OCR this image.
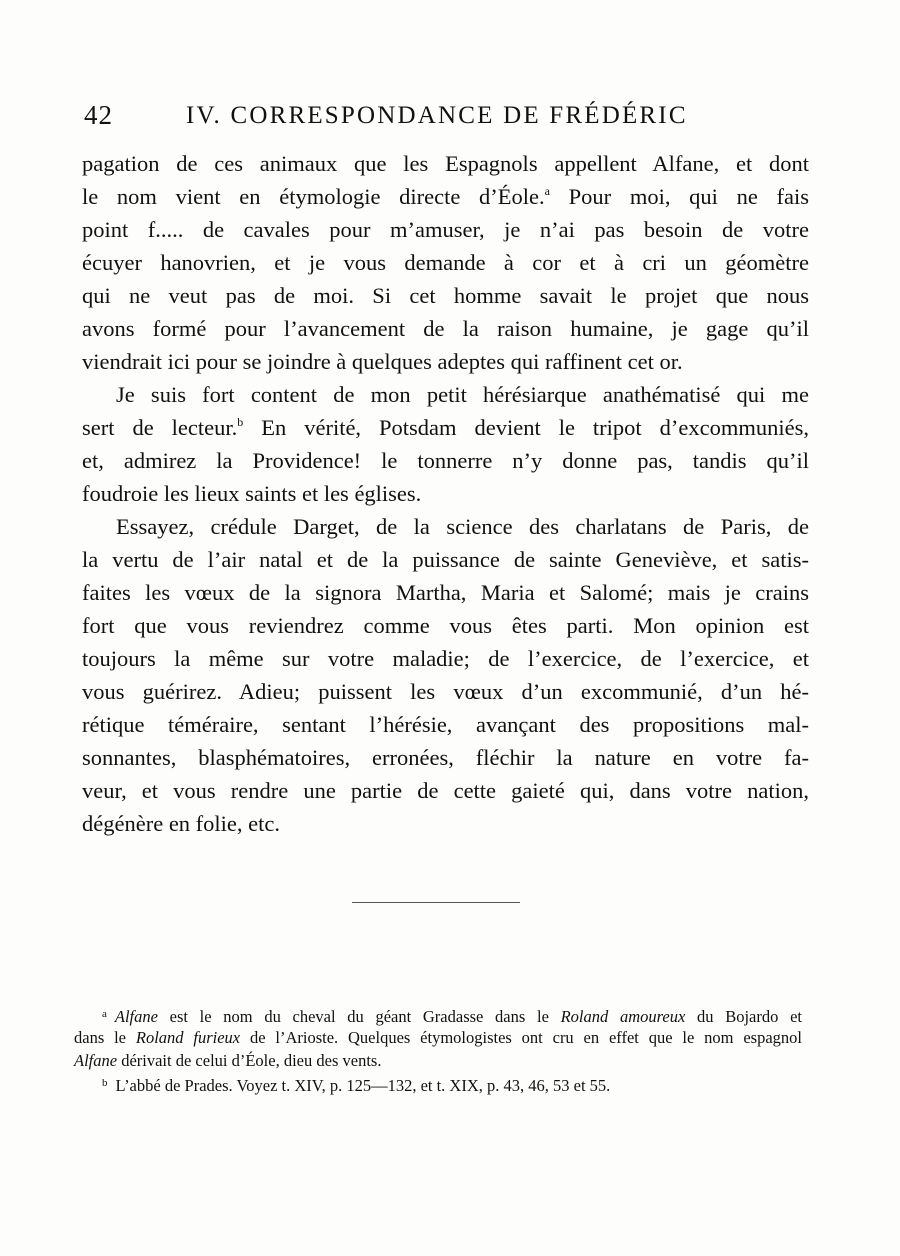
42	IV. CORRESPONDANCE DE FRÉDÉRIC
pagation de ces animaux que les Espagnols appellent Alfane, et dont
le nom vient en étymologie directe d’Éole.$^a$ Pour moi, qui ne fais
point f..... de cavales pour m’amuser, je n’ai pas besoin de votre
écuyer hanovrien, et je vous demande à cor et à cri un géomètre
qui ne veut pas de moi. Si cet homme savait le projet que nous
avons formé pour l’avancement de la raison humaine, je gage qu’il
viendrait ici pour se joindre à quelques adeptes qui raffinent cet or.
Je suis fort content de mon petit hérésiarque anathématisé qui me
sert de lecteur.$^b$ En vérité, Potsdam devient le tripot d’excommuniés,
et, admirez la Providence! le tonnerre n’y donne pas, tandis qu’il
foudroie les lieux saints et les églises.
Essayez, crédule Darget, de la science des charlatans de Paris, de
la vertu de l’air natal et de la puissance de sainte Geneviève, et satis-
faites les vœux de la signora Martha, Maria et Salomé; mais je crains
fort que vous reviendrez comme vous êtes parti. Mon opinion est
toujours la même sur votre maladie; de l’exercice, de l’exercice, et
vous guérirez. Adieu; puissent les vœux d’un excommunié, d’un hé-
rétique téméraire, sentant l’hérésie, avançant des propositions mal-
sonnantes, blasphématoires, erronées, fléchir la nature en votre fa-
veur, et vous rendre une partie de cette gaieté qui, dans votre nation,
dégénère en folie, etc.
$^a$ Alfane est le nom du cheval du géant Gradasse dans le Roland amoureux du Bojardo et
dans le Roland furieux de l’Arioste. Quelques étymologistes ont cru en effet que le nom espagnol
Alfane dérivait de celui d’Éole, dieu des vents.
$^b$ L’abbé de Prades. Voyez t. XIV, p. 125—132, et t. XIX, p. 43, 46, 53 et 55.
